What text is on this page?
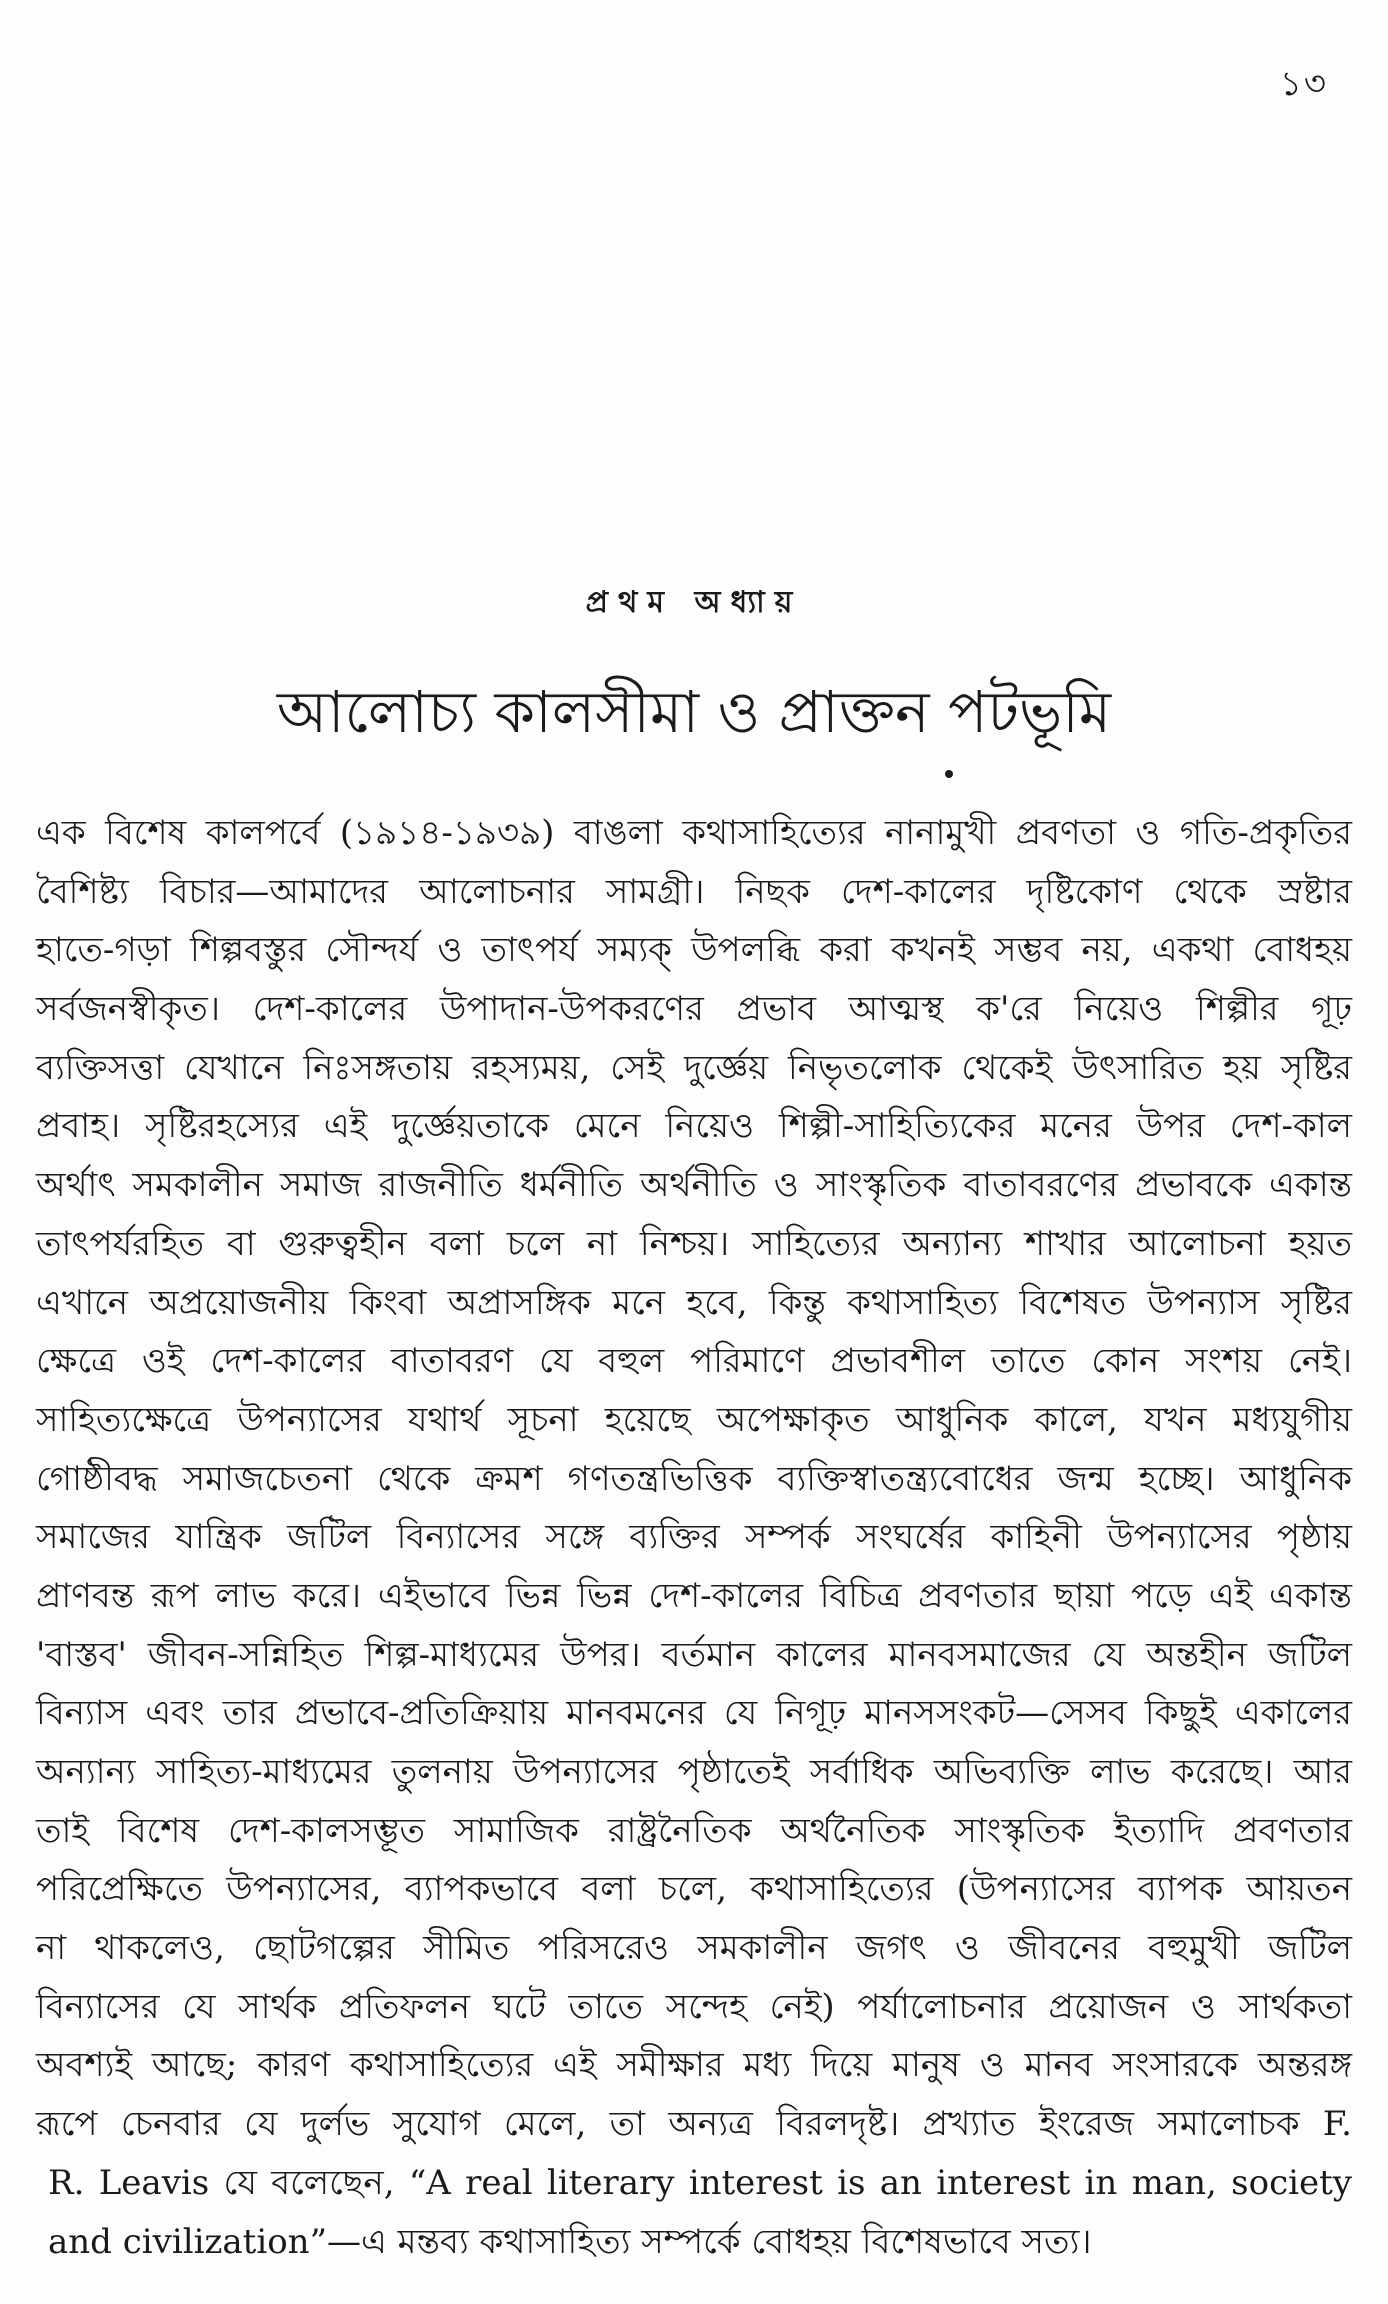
১৩
প্রথম অধ্যায়
আলোচ্য কালসীমা ও প্রাক্তন পটভূমি
এক বিশেষ কালপর্বে (১৯১৪-১৯৩৯) বাঙলা কথাসাহিত্যের নানামুখী প্রবণতা ও গতি-প্রকৃতির
বৈশিষ্ট্য বিচার—আমাদের আলোচনার সামগ্রী। নিছক দেশ-কালের দৃষ্টিকোণ থেকে স্রষ্টার
হাতে-গড়া শিল্পবস্তুর সৌন্দর্য ও তাৎপর্য সম্যক্ উপলব্ধি করা কখনই সম্ভব নয়, একথা বোধহয়
সর্বজনস্বীকৃত। দেশ-কালের উপাদান-উপকরণের প্রভাব আত্মস্থ ক'রে নিয়েও শিল্পীর গূঢ়
ব্যক্তিসত্তা যেখানে নিঃসঙ্গতায় রহস্যময়, সেই দুর্জ্ঞেয় নিভৃতলোক থেকেই উৎসারিত হয় সৃষ্টির
প্রবাহ। সৃষ্টিরহস্যের এই দুর্জ্ঞেয়তাকে মেনে নিয়েও শিল্পী-সাহিত্যিকের মনের উপর দেশ-কাল
অর্থাৎ সমকালীন সমাজ রাজনীতি ধর্মনীতি অর্থনীতি ও সাংস্কৃতিক বাতাবরণের প্রভাবকে একান্ত
তাৎপর্যরহিত বা গুরুত্বহীন বলা চলে না নিশ্চয়। সাহিত্যের অন্যান্য শাখার আলোচনা হয়ত
এখানে অপ্রয়োজনীয় কিংবা অপ্রাসঙ্গিক মনে হবে, কিন্তু কথাসাহিত্য বিশেষত উপন্যাস সৃষ্টির
ক্ষেত্রে ওই দেশ-কালের বাতাবরণ যে বহুল পরিমাণে প্রভাবশীল তাতে কোন সংশয় নেই।
সাহিত্যক্ষেত্রে উপন্যাসের যথার্থ সূচনা হয়েছে অপেক্ষাকৃত আধুনিক কালে, যখন মধ্যযুগীয়
গোষ্ঠীবদ্ধ সমাজচেতনা থেকে ক্রমশ গণতন্ত্রভিত্তিক ব্যক্তিস্বাতন্ত্র্যবোধের জন্ম হচ্ছে। আধুনিক
সমাজের যান্ত্রিক জটিল বিন্যাসের সঙ্গে ব্যক্তির সম্পর্ক সংঘর্ষের কাহিনী উপন্যাসের পৃষ্ঠায়
প্রাণবন্ত রূপ লাভ করে। এইভাবে ভিন্ন ভিন্ন দেশ-কালের বিচিত্র প্রবণতার ছায়া পড়ে এই একান্ত
'বাস্তব' জীবন-সন্নিহিত শিল্প-মাধ্যমের উপর। বর্তমান কালের মানবসমাজের যে অন্তহীন জটিল
বিন্যাস এবং তার প্রভাবে-প্রতিক্রিয়ায় মানবমনের যে নিগূঢ় মানসসংকট—সেসব কিছুই একালের
অন্যান্য সাহিত্য-মাধ্যমের তুলনায় উপন্যাসের পৃষ্ঠাতেই সর্বাধিক অভিব্যক্তি লাভ করেছে। আর
তাই বিশেষ দেশ-কালসম্ভূত সামাজিক রাষ্ট্রনৈতিক অর্থনৈতিক সাংস্কৃতিক ইত্যাদি প্রবণতার
পরিপ্রেক্ষিতে উপন্যাসের, ব্যাপকভাবে বলা চলে, কথাসাহিত্যের (উপন্যাসের ব্যাপক আয়তন
না থাকলেও, ছোটগল্পের সীমিত পরিসরেও সমকালীন জগৎ ও জীবনের বহুমুখী জটিল
বিন্যাসের যে সার্থক প্রতিফলন ঘটে তাতে সন্দেহ নেই) পর্যালোচনার প্রয়োজন ও সার্থকতা
অবশ্যই আছে; কারণ কথাসাহিত্যের এই সমীক্ষার মধ্য দিয়ে মানুষ ও মানব সংসারকে অন্তরঙ্গ
রূপে চেনবার যে দুর্লভ সুযোগ মেলে, তা অন্যত্র বিরলদৃষ্ট। প্রখ্যাত ইংরেজ সমালোচক F.
R. Leavis যে বলেছেন, “A real literary interest is an interest in man, society
and civilization”—এ মন্তব্য কথাসাহিত্য সম্পর্কে বোধহয় বিশেষভাবে সত্য।
